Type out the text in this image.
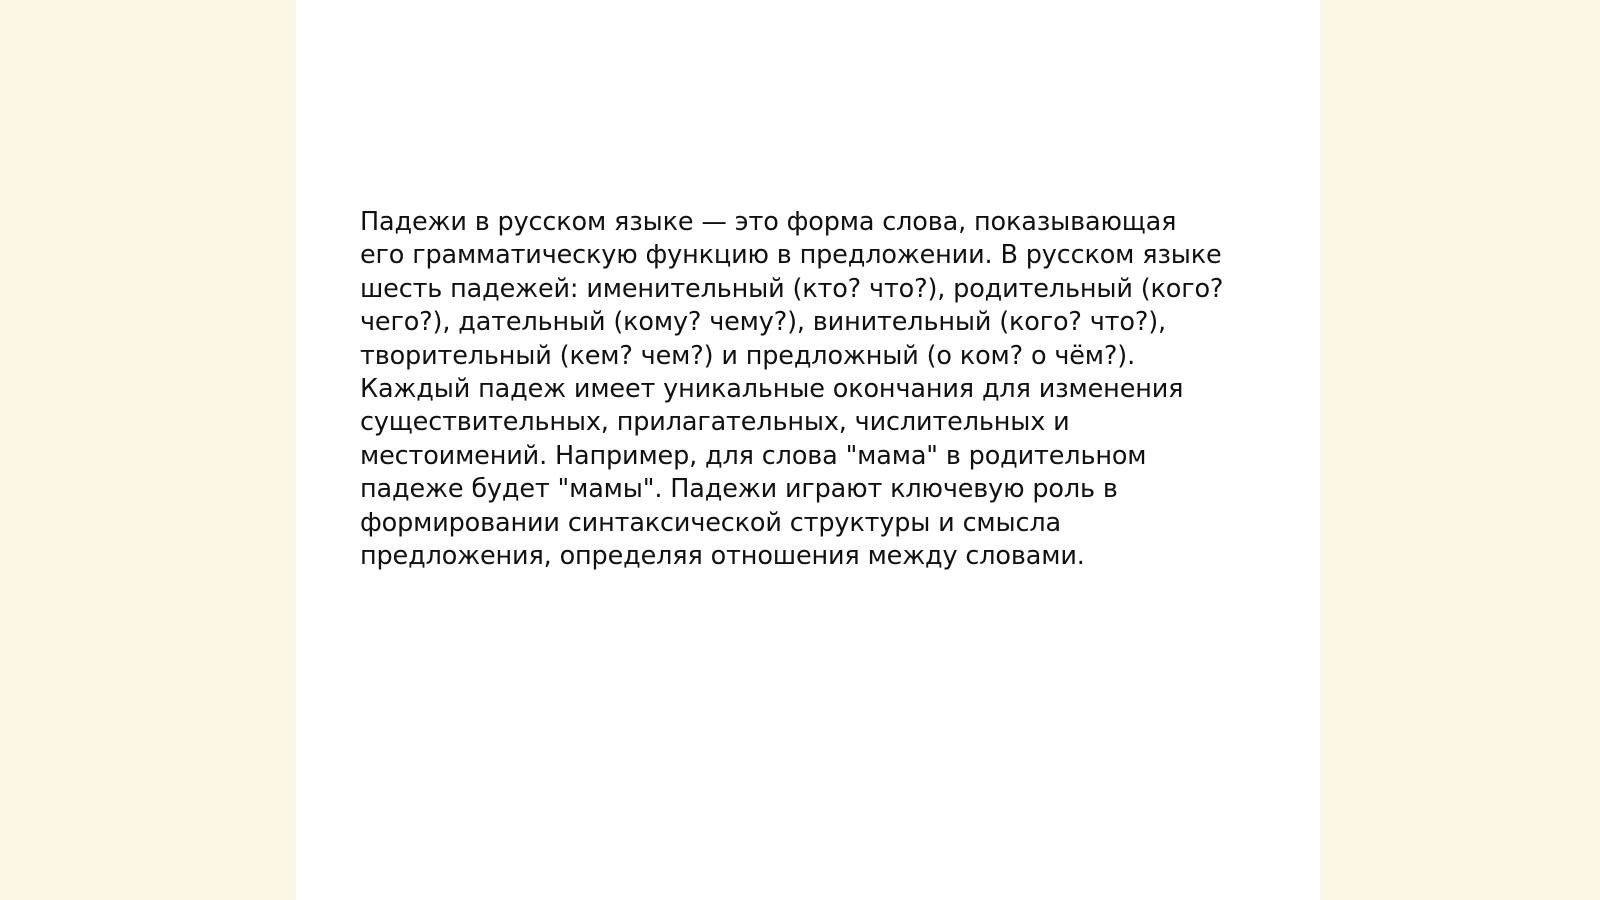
Падежи в русском языке — это форма слова, показывающая
его грамматическую функцию в предложении. В русском языке
шесть падежей: именительный (кто? что?), родительный (кого?
чего?), дательный (кому? чему?), винительный (кого? что?),
творительный (кем? чем?) и предложный (о ком? о чём?).
Каждый падеж имеет уникальные окончания для изменения
существительных, прилагательных, числительных и
местоимений. Например, для слова "мама" в родительном
падеже будет "мамы". Падежи играют ключевую роль в
формировании синтаксической структуры и смысла
предложения, определяя отношения между словами.
